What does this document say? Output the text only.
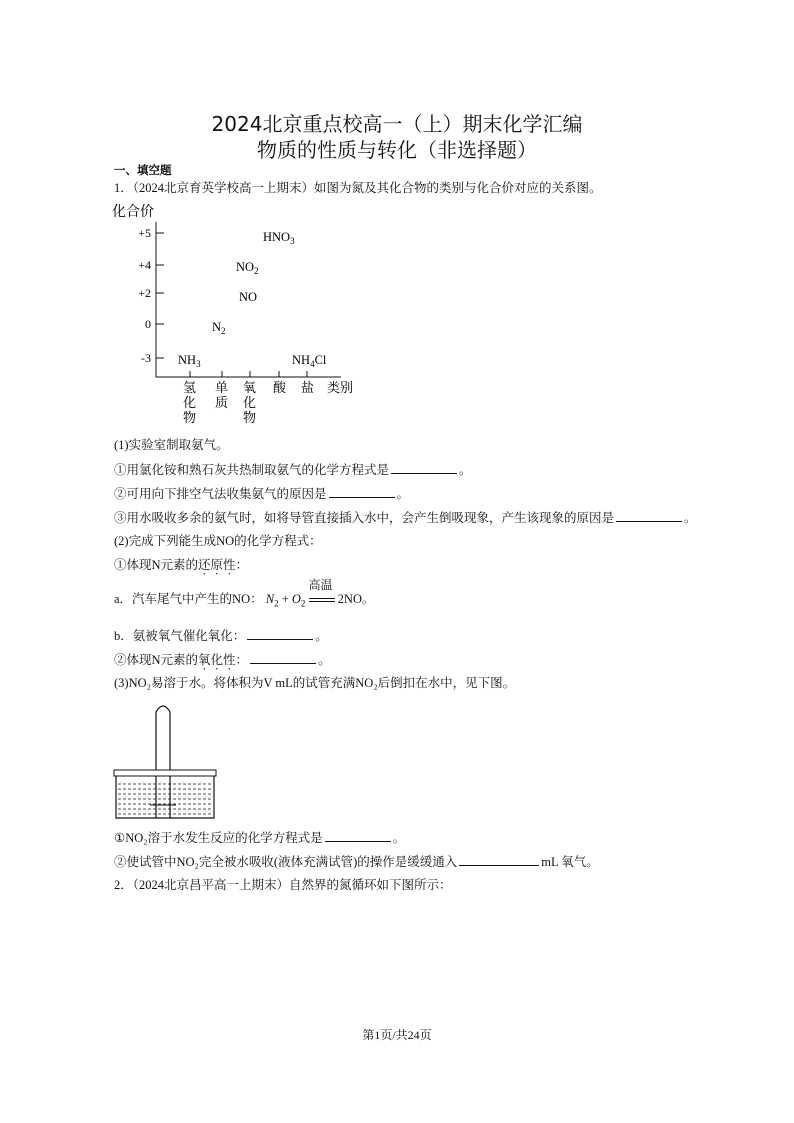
2024北京重点校高一（上）期末化学汇编
物质的性质与转化（非选择题）
一、填空题
1．（2024北京育英学校高一上期末）如图为氮及其化合物的类别与化合价对应的关系图。
化合价
+5
+4
+2
0
-3
氢
化
物
单
质
氧
化
物
酸 盐 类别
$HNO_3$
$NO_2$
NO
$N_2$
$NH_3$	$NH_4Cl$
(1)实验室制取氨气。
①用氯化铵和熟石灰共热制取氨气的化学方程式是	。
②可用向下排空气法收集氨气的原因是	。
③用水吸收多余的氨气时，如将导管直接插入水中，会产生倒吸现象，产生该现象的原因是	。
(2)完成下列能生成NO的化学方程式：
①体现N元素的还原性：
a．汽车尾气中产生的NO： $N_2 + O_2$
高温
2NO。
b．氨被氧气催化氧化：	。
②体现N元素的氧化性：	。
(3)NO₂易溶于水。将体积为V mL的试管充满NO₂后倒扣在水中，见下图。
①NO₂溶于水发生反应的化学方程式是	。
②使试管中NO₂完全被水吸收(液体充满试管)的操作是缓缓通入	mL 氧气。
2．（2024北京昌平高一上期末）自然界的氮循环如下图所示：
第1页/共24页
